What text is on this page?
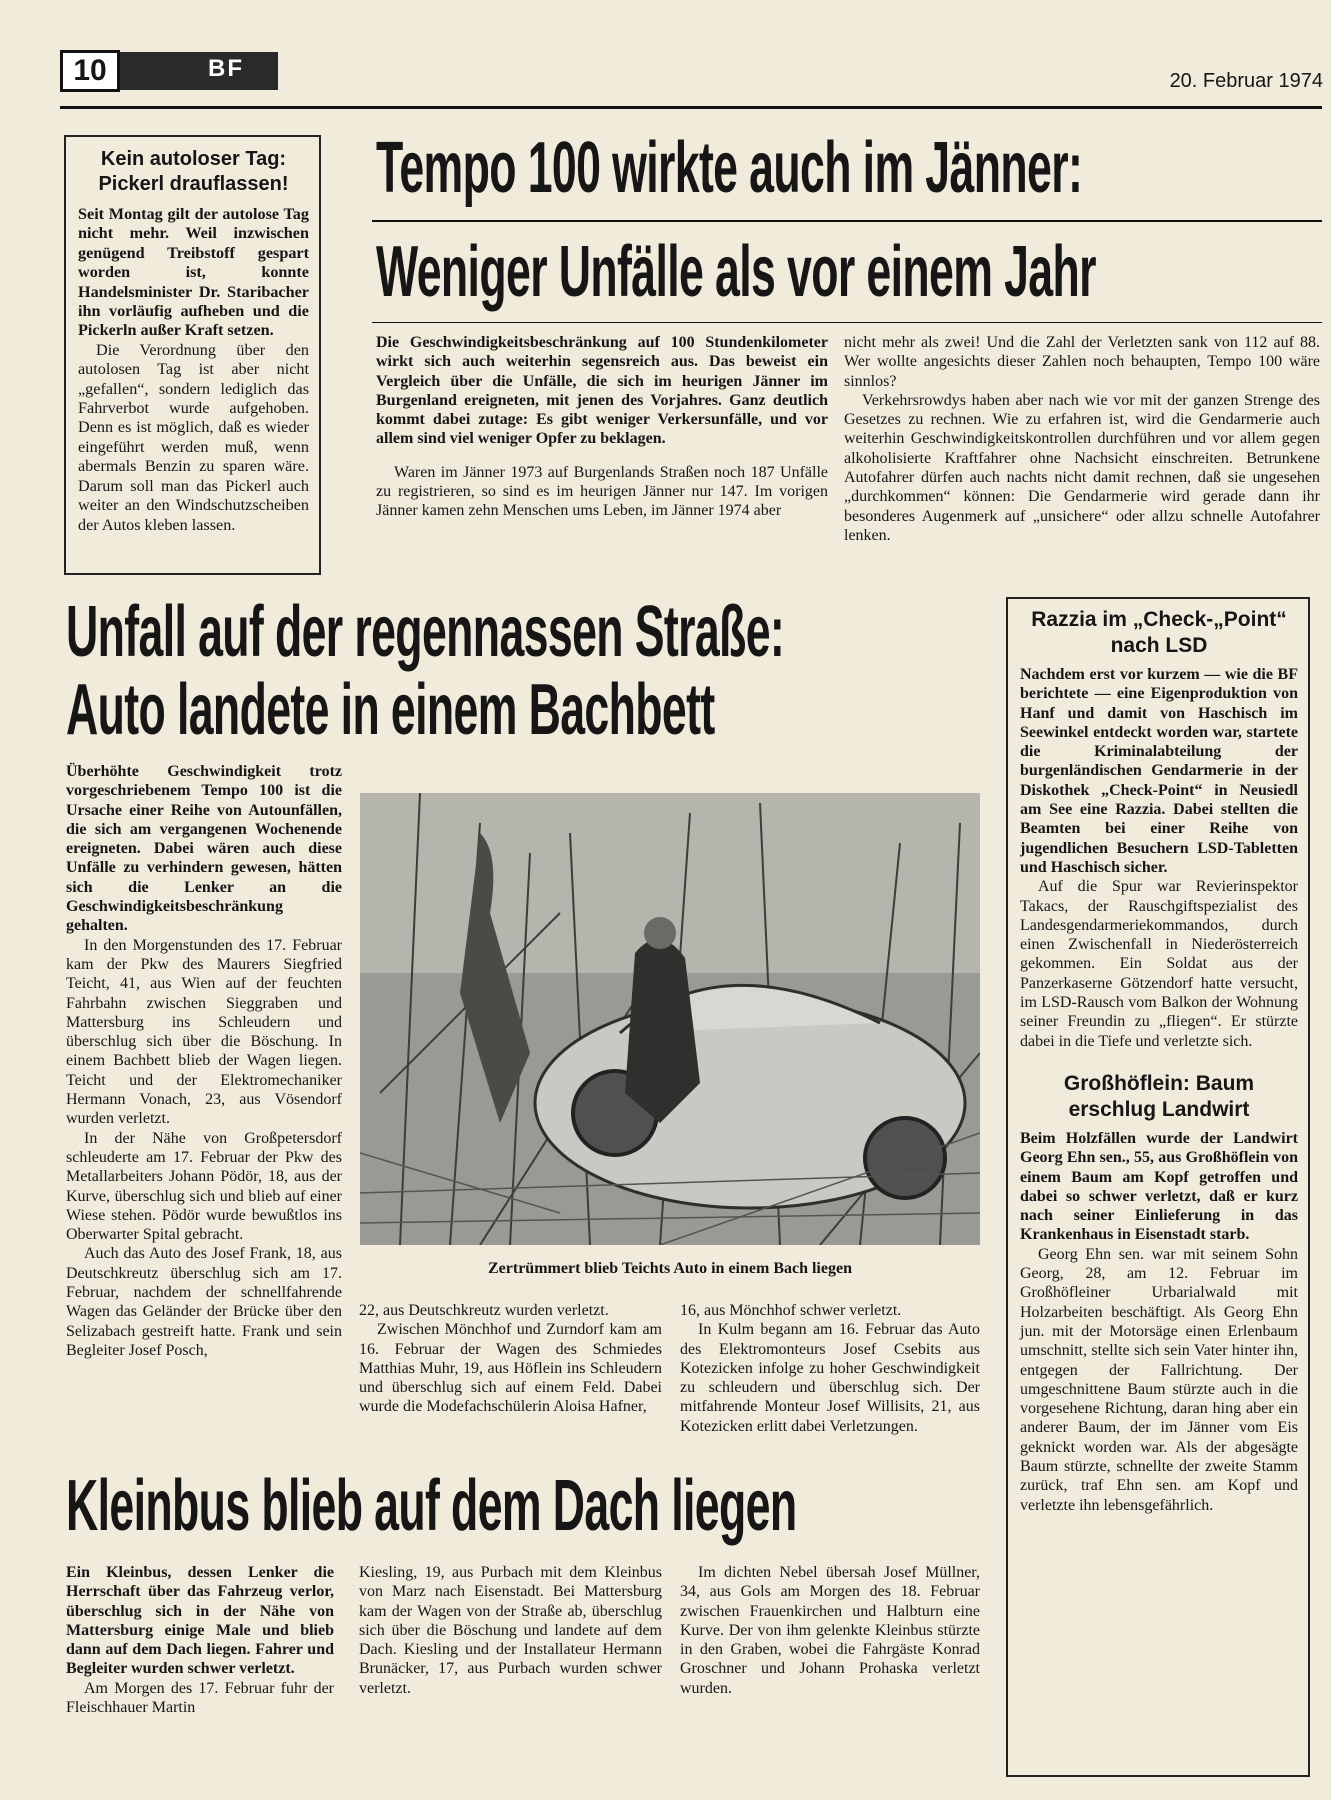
10	BF	20. Februar 1974
Kein autoloser Tag: Pickerl drauflassen!

Seit Montag gilt der autolose Tag nicht mehr. Weil inzwischen genügend Treibstoff gespart worden ist, konnte Handelsminister Dr. Staribacher ihn vorläufig aufheben und die Pickerln außer Kraft setzen.

Die Verordnung über den autolosen Tag ist aber nicht „gefallen“, sondern lediglich das Fahrverbot wurde aufgehoben. Denn es ist möglich, daß es wieder eingeführt werden muß, wenn abermals Benzin zu sparen wäre. Darum soll man das Pickerl auch weiter an den Windschutzscheiben der Autos kleben lassen.

Tempo 100 wirkte auch im Jänner:
Weniger Unfälle als vor einem Jahr

Die Geschwindigkeitsbeschränkung auf 100 Stundenkilometer wirkt sich auch weiterhin segensreich aus. Das beweist ein Vergleich über die Unfälle, die sich im heurigen Jänner im Burgenland ereigneten, mit jenen des Vorjahres. Ganz deutlich kommt dabei zutage: Es gibt weniger Verkersunfälle, und vor allem sind viel weniger Opfer zu beklagen.

Waren im Jänner 1973 auf Burgenlands Straßen noch 187 Unfälle zu registrieren, so sind es im heurigen Jänner nur 147. Im vorigen Jänner kamen zehn Menschen ums Leben, im Jänner 1974 aber

nicht mehr als zwei! Und die Zahl der Verletzten sank von 112 auf 88. Wer wollte angesichts dieser Zahlen noch behaupten, Tempo 100 wäre sinnlos?

Verkehrsrowdys haben aber nach wie vor mit der ganzen Strenge des Gesetzes zu rechnen. Wie zu erfahren ist, wird die Gendarmerie auch weiterhin Geschwindigkeitskontrollen durchführen und vor allem gegen alkoholisierte Kraftfahrer ohne Nachsicht einschreiten. Betrunkene Autofahrer dürfen auch nachts nicht damit rechnen, daß sie ungesehen „durchkommen“ können: Die Gendarmerie wird gerade dann ihr besonderes Augenmerk auf „unsichere“ oder allzu schnelle Autofahrer lenken.

Unfall auf der regennassen Straße:
Auto landete in einem Bachbett

Überhöhte Geschwindigkeit trotz vorgeschriebenem Tempo 100 ist die Ursache einer Reihe von Autounfällen, die sich am vergangenen Wochenende ereigneten. Dabei wären auch diese Unfälle zu verhindern gewesen, hätten sich die Lenker an die Geschwindigkeitsbeschränkung gehalten.

In den Morgenstunden des 17. Februar kam der Pkw des Maurers Siegfried Teicht, 41, aus Wien auf der feuchten Fahrbahn zwischen Sieggraben und Mattersburg ins Schleudern und überschlug sich über die Böschung. In einem Bachbett blieb der Wagen liegen. Teicht und der Elektromechaniker Hermann Vonach, 23, aus Vösendorf wurden verletzt.

In der Nähe von Großpetersdorf schleuderte am 17. Februar der Pkw des Metallarbeiters Johann Pödör, 18, aus der Kurve, überschlug sich und blieb auf einer Wiese stehen. Pödör wurde bewußtlos ins Oberwarter Spital gebracht.

Auch das Auto des Josef Frank, 18, aus Deutschkreutz überschlug sich am 17. Februar, nachdem der schnellfahrende Wagen das Geländer der Brücke über den Selizabach gestreift hatte. Frank und sein Begleiter Josef Posch,

Zertrümmert blieb Teichts Auto in einem Bach liegen

22, aus Deutschkreutz wurden verletzt.

Zwischen Mönchhof und Zurndorf kam am 16. Februar der Wagen des Schmiedes Matthias Muhr, 19, aus Höflein ins Schleudern und überschlug sich auf einem Feld. Dabei wurde die Modefachschülerin Aloisa Hafner,

16, aus Mönchhof schwer verletzt.

In Kulm begann am 16. Februar das Auto des Elektromonteurs Josef Csebits aus Kotezicken infolge zu hoher Geschwindigkeit zu schleudern und überschlug sich. Der mitfahrende Monteur Josef Willisits, 21, aus Kotezicken erlitt dabei Verletzungen.

Razzia im „Check-„Point“ nach LSD

Nachdem erst vor kurzem — wie die BF berichtete — eine Eigenproduktion von Hanf und damit von Haschisch im Seewinkel entdeckt worden war, startete die Kriminalabteilung der burgenländischen Gendarmerie in der Diskothek „Check-Point“ in Neusiedl am See eine Razzia. Dabei stellten die Beamten bei einer Reihe von jugendlichen Besuchern LSD-Tabletten und Haschisch sicher.

Auf die Spur war Revierinspektor Takacs, der Rauschgiftspezialist des Landesgendarmeriekommandos, durch einen Zwischenfall in Niederösterreich gekommen. Ein Soldat aus der Panzerkaserne Götzendorf hatte versucht, im LSD-Rausch vom Balkon der Wohnung seiner Freundin zu „fliegen“. Er stürzte dabei in die Tiefe und verletzte sich.

Großhöflein: Baum erschlug Landwirt

Beim Holzfällen wurde der Landwirt Georg Ehn sen., 55, aus Großhöflein von einem Baum am Kopf getroffen und dabei so schwer verletzt, daß er kurz nach seiner Einlieferung in das Krankenhaus in Eisenstadt starb.

Georg Ehn sen. war mit seinem Sohn Georg, 28, am 12. Februar im Großhöfleiner Urbarialwald mit Holzarbeiten beschäftigt. Als Georg Ehn jun. mit der Motorsäge einen Erlenbaum umschnitt, stellte sich sein Vater hinter ihn, entgegen der Fallrichtung. Der umgeschnittene Baum stürzte auch in die vorgesehene Richtung, daran hing aber ein anderer Baum, der im Jänner vom Eis geknickt worden war. Als der abgesägte Baum stürzte, schnellte der zweite Stamm zurück, traf Ehn sen. am Kopf und verletzte ihn lebensgefährlich.

Kleinbus blieb auf dem Dach liegen

Ein Kleinbus, dessen Lenker die Herrschaft über das Fahrzeug verlor, überschlug sich in der Nähe von Mattersburg einige Male und blieb dann auf dem Dach liegen. Fahrer und Begleiter wurden schwer verletzt.

Am Morgen des 17. Februar fuhr der Fleischhauer Martin

Kiesling, 19, aus Purbach mit dem Kleinbus von Marz nach Eisenstadt. Bei Mattersburg kam der Wagen von der Straße ab, überschlug sich über die Böschung und landete auf dem Dach. Kiesling und der Installateur Hermann Brunäcker, 17, aus Purbach wurden schwer verletzt.

Im dichten Nebel übersah Josef Müllner, 34, aus Gols am Morgen des 18. Februar zwischen Frauenkirchen und Halbturn eine Kurve. Der von ihm gelenkte Kleinbus stürzte in den Graben, wobei die Fahrgäste Konrad Groschner und Johann Prohaska verletzt wurden.
